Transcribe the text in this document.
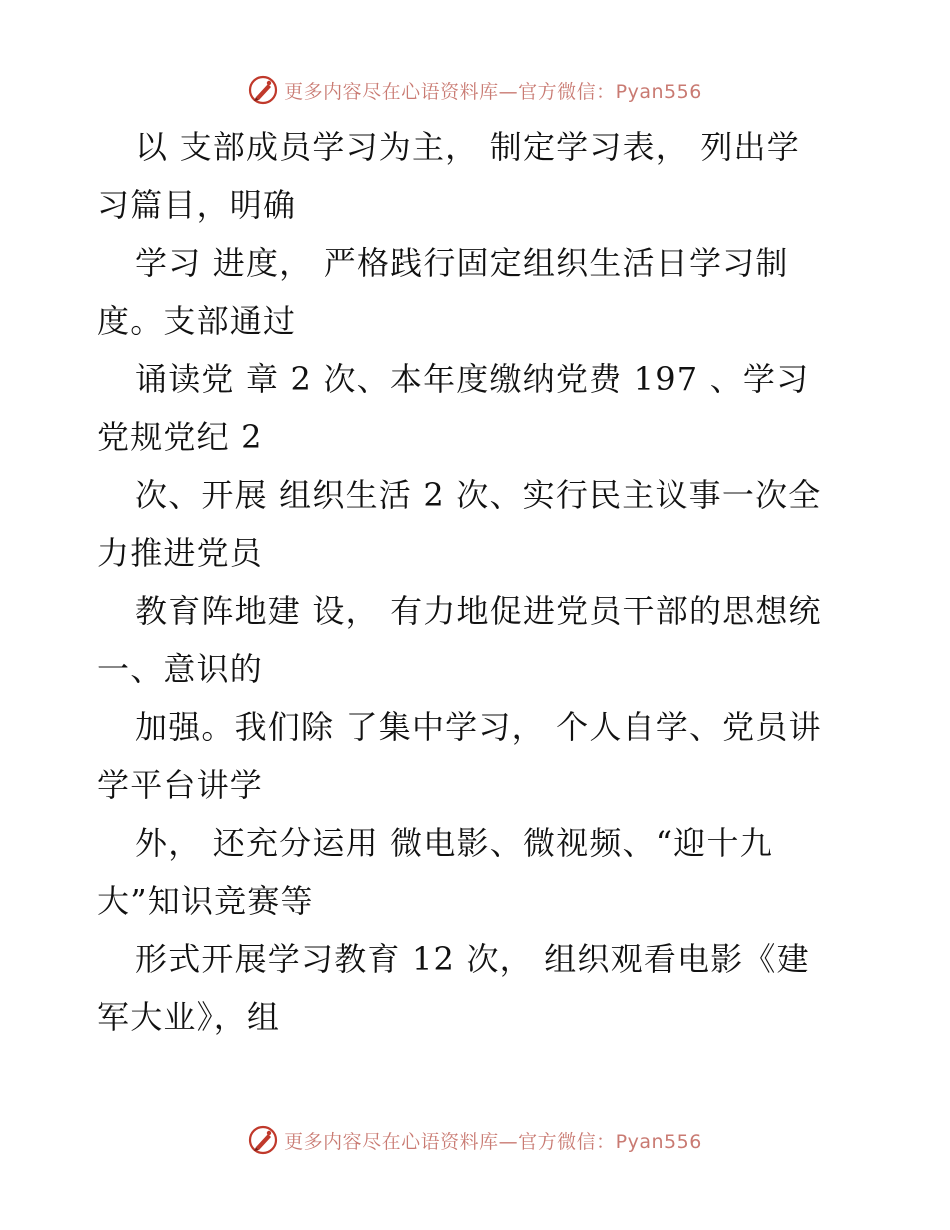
更多内容尽在心语资料库—官方微信：Pyan556
以 支部成员学习为主， 制定学习表， 列出学
习篇目，明确
学习 进度， 严格践行固定组织生活日学习制
度。支部通过
诵读党 章 2 次、本年度缴纳党费 197 、学习
党规党纪 2
次、开展 组织生活 2 次、实行民主议事一次全
力推进党员
教育阵地建 设， 有力地促进党员干部的思想统
一、意识的
加强。我们除 了集中学习， 个人自学、党员讲
学平台讲学
外， 还充分运用 微电影、微视频、“迎十九
大”知识竞赛等
形式开展学习教育 12 次， 组织观看电影《建
军大业》，组
更多内容尽在心语资料库—官方微信：Pyan556
